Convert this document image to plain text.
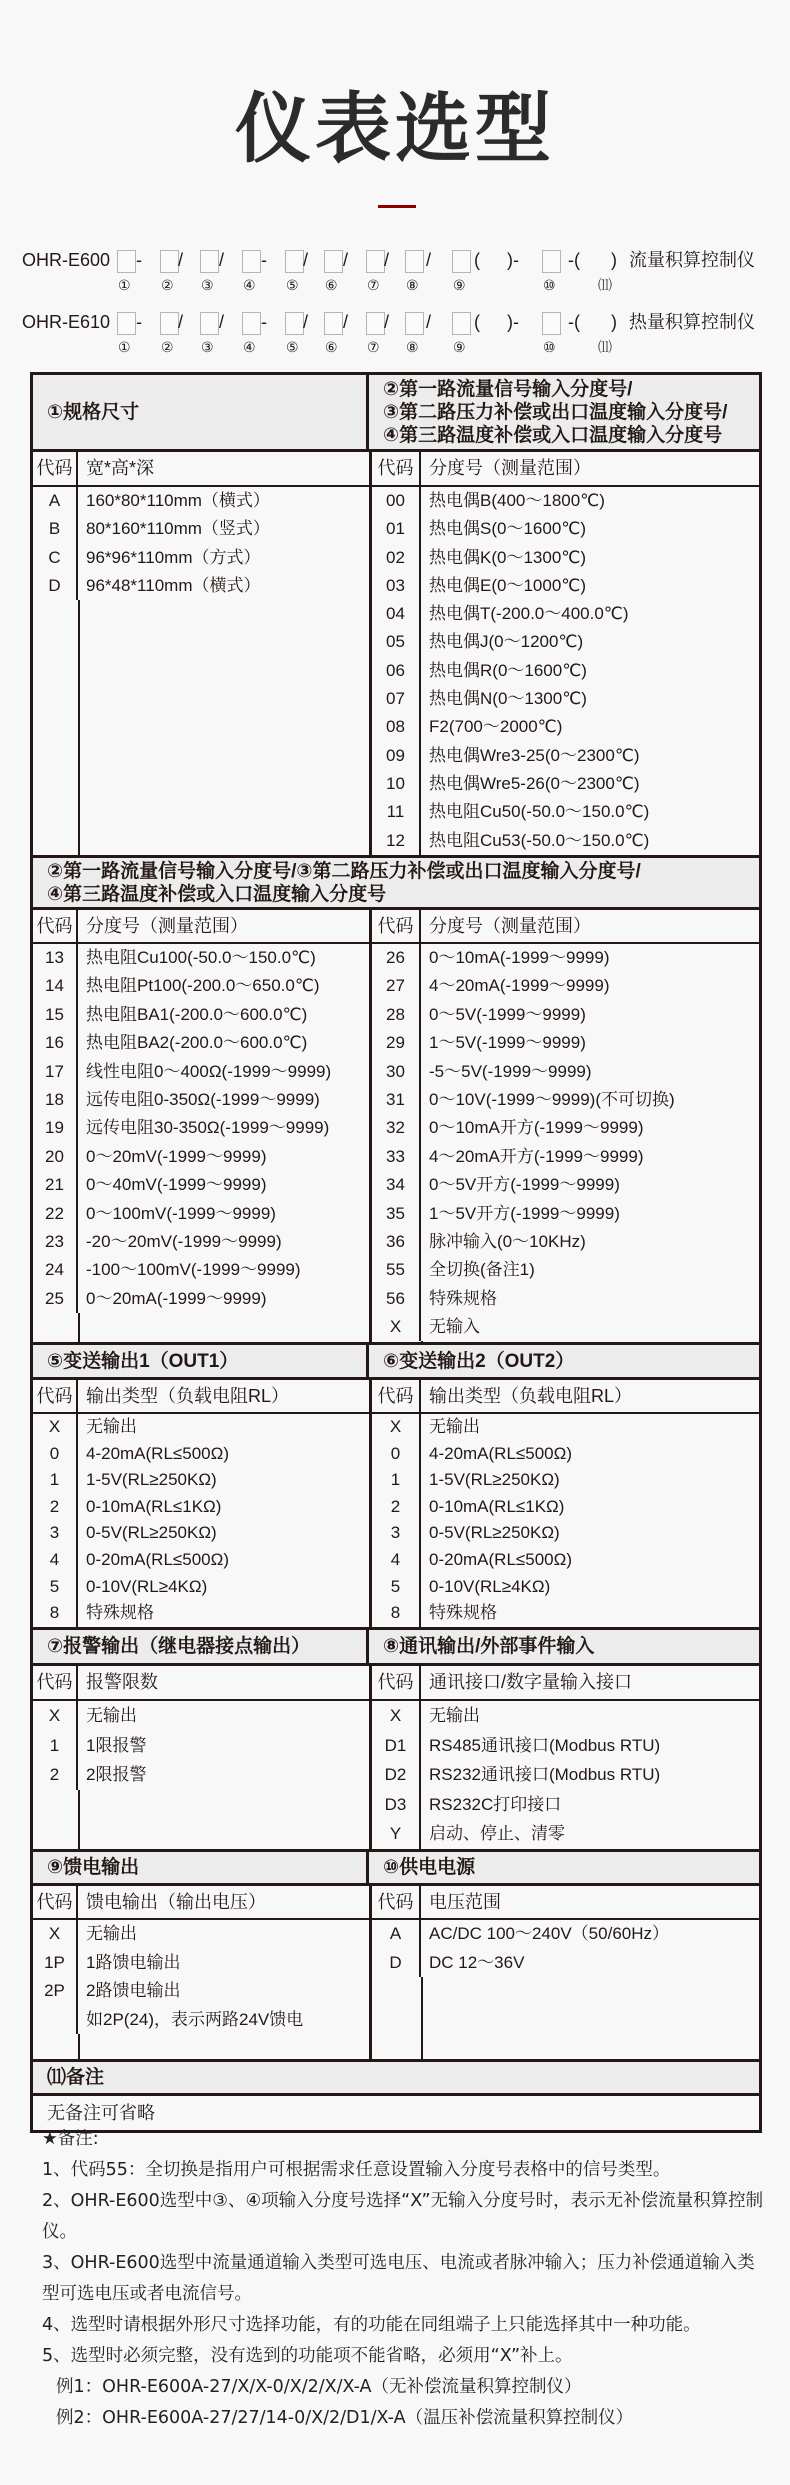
仪表选型
OHR-E600 - / / - / / / / ( )-	-( )
① ② ③ ④ ⑤ ⑥ ⑦ ⑧ ⑨	⑩	⑾
流量积算控制仪
OHR-E610 - / / - / / / / ( )-	-( )
① ② ③ ④ ⑤ ⑥ ⑦ ⑧ ⑨	⑩	⑾
热量积算控制仪
①规格尺寸
②第一路流量信号输入分度号/
③第二路压力补偿或出口温度输入分度号/
④第三路温度补偿或入口温度输入分度号
代码 宽*高*深
A	160*80*110mm（横式）
B	80*160*110mm（竖式）
C	96*96*110mm（方式）
D	96*48*110mm（横式）
代码 分度号（测量范围）
00	热电偶B(400～1800℃)
01	热电偶S(0～1600℃)
02	热电偶K(0～1300℃)
03	热电偶E(0～1000℃)
04	热电偶T(-200.0～400.0℃)
05	热电偶J(0～1200℃)
06	热电偶R(0～1600℃)
07	热电偶N(0～1300℃)
08	F2(700～2000℃)
09	热电偶Wre3-25(0～2300℃)
10	热电偶Wre5-26(0～2300℃)
11	热电阻Cu50(-50.0～150.0℃)
12	热电阻Cu53(-50.0～150.0℃)
②第一路流量信号输入分度号/③第二路压力补偿或出口温度输入分度号/
④第三路温度补偿或入口温度输入分度号
代码 分度号（测量范围）
13	热电阻Cu100(-50.0～150.0℃)
14	热电阻Pt100(-200.0～650.0℃)
15	热电阻BA1(-200.0～600.0℃)
16	热电阻BA2(-200.0～600.0℃)
17	线性电阻0～400Ω(-1999～9999)
18	远传电阻0-350Ω(-1999～9999)
19	远传电阻30-350Ω(-1999～9999)
20	0～20mV(-1999～9999)
21	0～40mV(-1999～9999)
22	0～100mV(-1999～9999)
23	-20～20mV(-1999～9999)
24	-100～100mV(-1999～9999)
25	0～20mA(-1999～9999)
代码 分度号（测量范围）
26	0～10mA(-1999～9999)
27	4～20mA(-1999～9999)
28	0～5V(-1999～9999)
29	1～5V(-1999～9999)
30	-5～5V(-1999～9999)
31	0～10V(-1999～9999)(不可切换)
32	0～10mA开方(-1999～9999)
33	4～20mA开方(-1999～9999)
34	0～5V开方(-1999～9999)
35	1～5V开方(-1999～9999)
36	脉冲输入(0～10KHz)
55	全切换(备注1)
56	特殊规格
X	无输入
⑤变送输出1（OUT1）	⑥变送输出2（OUT2）
代码 输出类型（负载电阻RL）
X	无输出
0	4-20mA(RL≤500Ω)
1	1-5V(RL≥250KΩ)
2	0-10mA(RL≤1KΩ)
3	0-5V(RL≥250KΩ)
4	0-20mA(RL≤500Ω)
5	0-10V(RL≥4KΩ)
8	特殊规格
代码 输出类型（负载电阻RL）
X	无输出
0	4-20mA(RL≤500Ω)
1	1-5V(RL≥250KΩ)
2	0-10mA(RL≤1KΩ)
3	0-5V(RL≥250KΩ)
4	0-20mA(RL≤500Ω)
5	0-10V(RL≥4KΩ)
8	特殊规格
⑦报警输出（继电器接点输出）	⑧通讯输出/外部事件输入
代码 报警限数
X	无输出
1	1限报警
2	2限报警
代码 通讯接口/数字量输入接口
X	无输出
D1	RS485通讯接口(Modbus RTU)
D2	RS232通讯接口(Modbus RTU)
D3	RS232C打印接口
Y	启动、停止、清零
⑨馈电输出	⑩供电电源
代码 馈电输出（输出电压）
X	无输出
1P	1路馈电输出
2P	2路馈电输出
如2P(24)，表示两路24V馈电
代码 电压范围
A	AC/DC 100～240V（50/60Hz）
D	DC 12～36V
⑾备注
无备注可省略
★备注:
1、代码55：全切换是指用户可根据需求任意设置输入分度号表格中的信号类型。
2、OHR-E600选型中③、④项输入分度号选择“X”无输入分度号时，表示无补偿流量积算控制仪。
3、OHR-E600选型中流量通道输入类型可选电压、电流或者脉冲输入；压力补偿通道输入类型可选电压或者电流信号。
4、选型时请根据外形尺寸选择功能，有的功能在同组端子上只能选择其中一种功能。
5、选型时必须完整，没有选到的功能项不能省略，必须用“X”补上。
例1：OHR-E600A-27/X/X-0/X/2/X/X-A（无补偿流量积算控制仪）
例2：OHR-E600A-27/27/14-0/X/2/D1/X-A（温压补偿流量积算控制仪）
